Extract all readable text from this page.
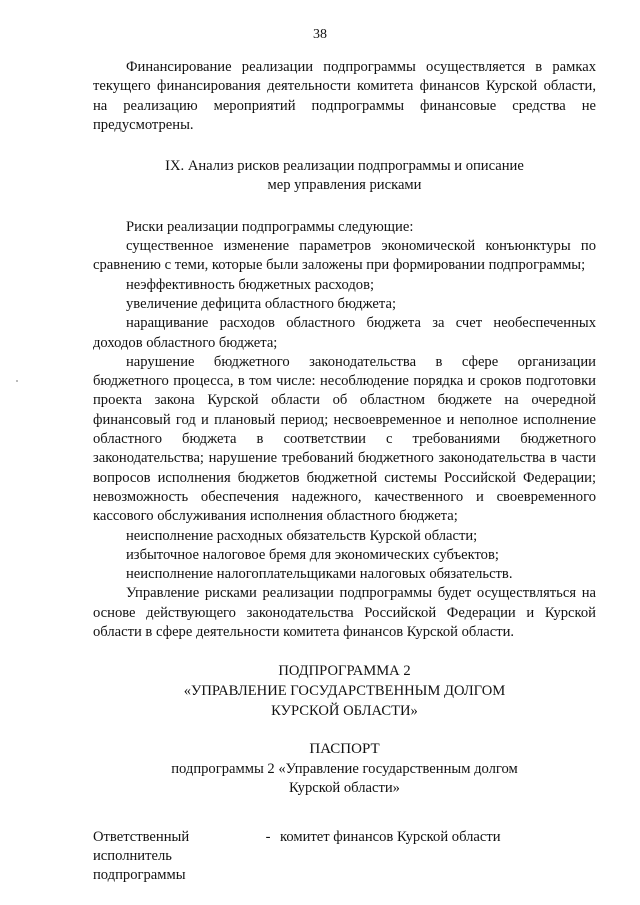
38

Финансирование реализации подпрограммы осуществляется в рамках текущего финансирования деятельности комитета финансов Курской области, на реализацию мероприятий подпрограммы финансовые средства не предусмотрены.

IX. Анализ рисков реализации подпрограммы и описание
мер управления рисками

Риски реализации подпрограммы следующие:

существенное изменение параметров экономической конъюнктуры по сравнению с теми, которые были заложены при формировании подпрограммы;

неэффективность бюджетных расходов;

увеличение дефицита областного бюджета;

наращивание расходов областного бюджета за счет необеспеченных доходов областного бюджета;

нарушение бюджетного законодательства в сфере организации бюджетного процесса, в том числе: несоблюдение порядка и сроков подготовки проекта закона Курской области об областном бюджете на очередной финансовый год и плановый период; несвоевременное и неполное исполнение областного бюджета в соответствии с требованиями бюджетного законодательства; нарушение требований бюджетного законодательства в части вопросов исполнения бюджетов бюджетной системы Российской Федерации; невозможность обеспечения надежного, качественного и своевременного кассового обслуживания исполнения областного бюджета;

неисполнение расходных обязательств Курской области;

избыточное налоговое бремя для экономических субъектов;

неисполнение налогоплательщиками налоговых обязательств.

Управление рисками реализации подпрограммы будет осуществляться на основе действующего законодательства Российской Федерации и Курской области в сфере деятельности комитета финансов Курской области.

ПОДПРОГРАММА 2
«УПРАВЛЕНИЕ ГОСУДАРСТВЕННЫМ ДОЛГОМ
КУРСКОЙ ОБЛАСТИ»
ПАСПОРТ
подпрограммы 2 «Управление государственным долгом
Курской области»
Ответственный
исполнитель
подпрограммы
- комитет финансов Курской области
